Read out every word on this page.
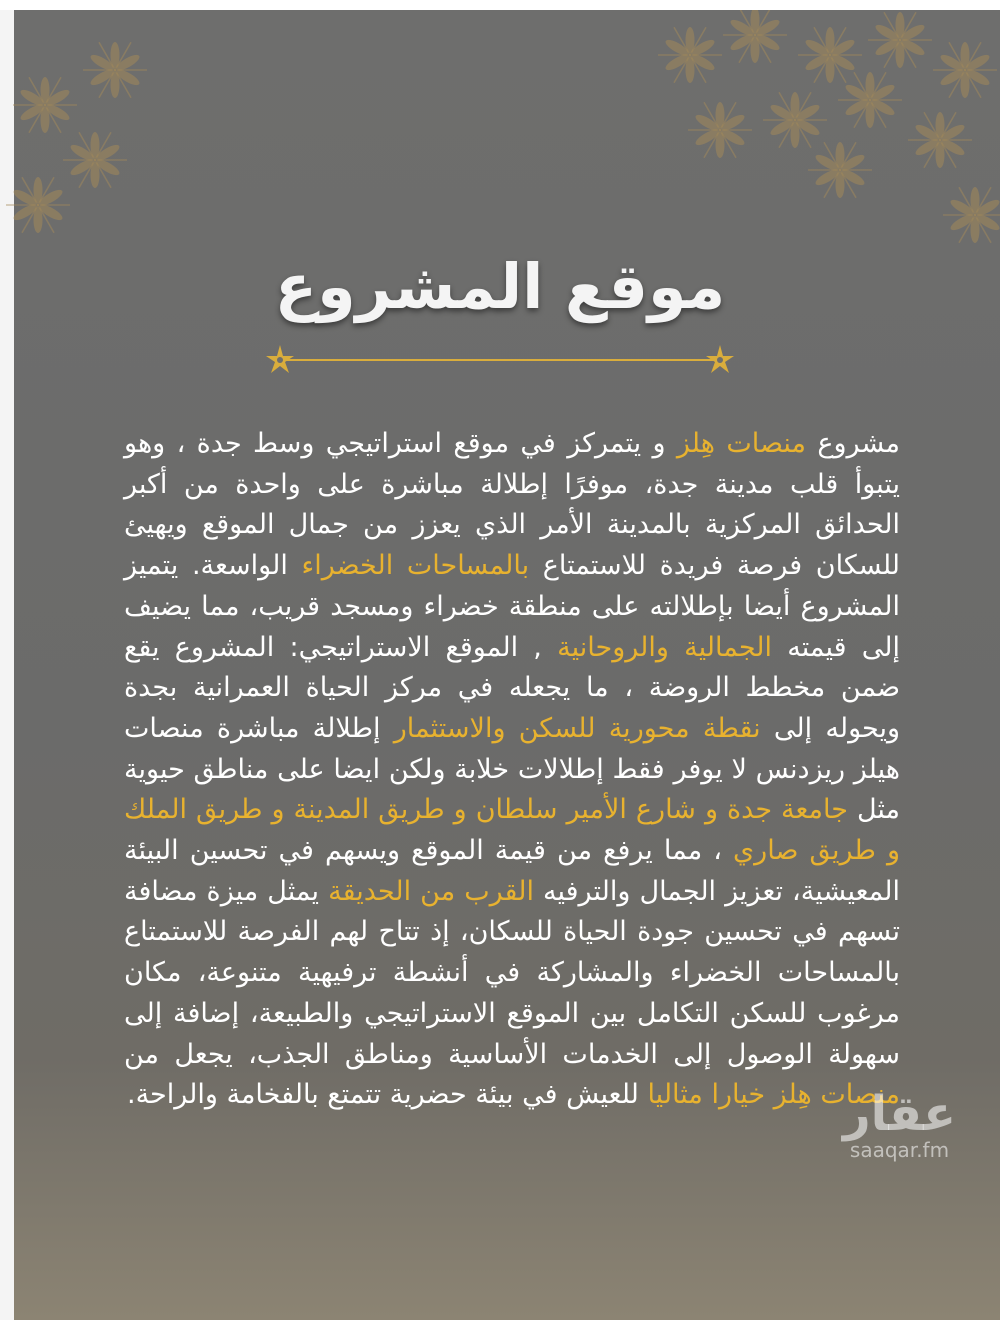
موقع المشروع
مشروع منصات هِلز و يتمركز في موقع استراتيجي وسط جدة ، وهو يتبوأ قلب مدينة جدة، موفرًا إطلالة مباشرة على واحدة من أكبر الحدائق المركزية بالمدينة الأمر الذي يعزز من جمال الموقع ويهيئ للسكان فرصة فريدة للاستمتاع بالمساحات الخضراء الواسعة. يتميز المشروع أيضا بإطلالته على منطقة خضراء ومسجد قريب، مما يضيف إلى قيمته الجمالية والروحانية , الموقع الاستراتيجي: المشروع يقع ضمن مخطط الروضة ، ما يجعله في مركز الحياة العمرانية بجدة ويحوله إلى نقطة محورية للسكن والاستثمار إطلالة مباشرة منصات هيلز ريزدنس لا يوفر فقط إطلالات خلابة ولكن ايضا على مناطق حيوية مثل جامعة جدة و شارع الأمير سلطان و طريق المدينة و طريق الملك و طريق صاري ، مما يرفع من قيمة الموقع ويسهم في تحسين البيئة المعيشية، تعزيز الجمال والترفيه القرب من الحديقة يمثل ميزة مضافة تسهم في تحسين جودة الحياة للسكان، إذ تتاح لهم الفرصة للاستمتاع بالمساحات الخضراء والمشاركة في أنشطة ترفيهية متنوعة، مكان مرغوب للسكن التكامل بين الموقع الاستراتيجي والطبيعة، إضافة إلى سهولة الوصول إلى الخدمات الأساسية ومناطق الجذب، يجعل من منصات هِلز خيارا مثاليا للعيش في بيئة حضرية تتمتع بالفخامة والراحة.	عقار
saaqar.fm
